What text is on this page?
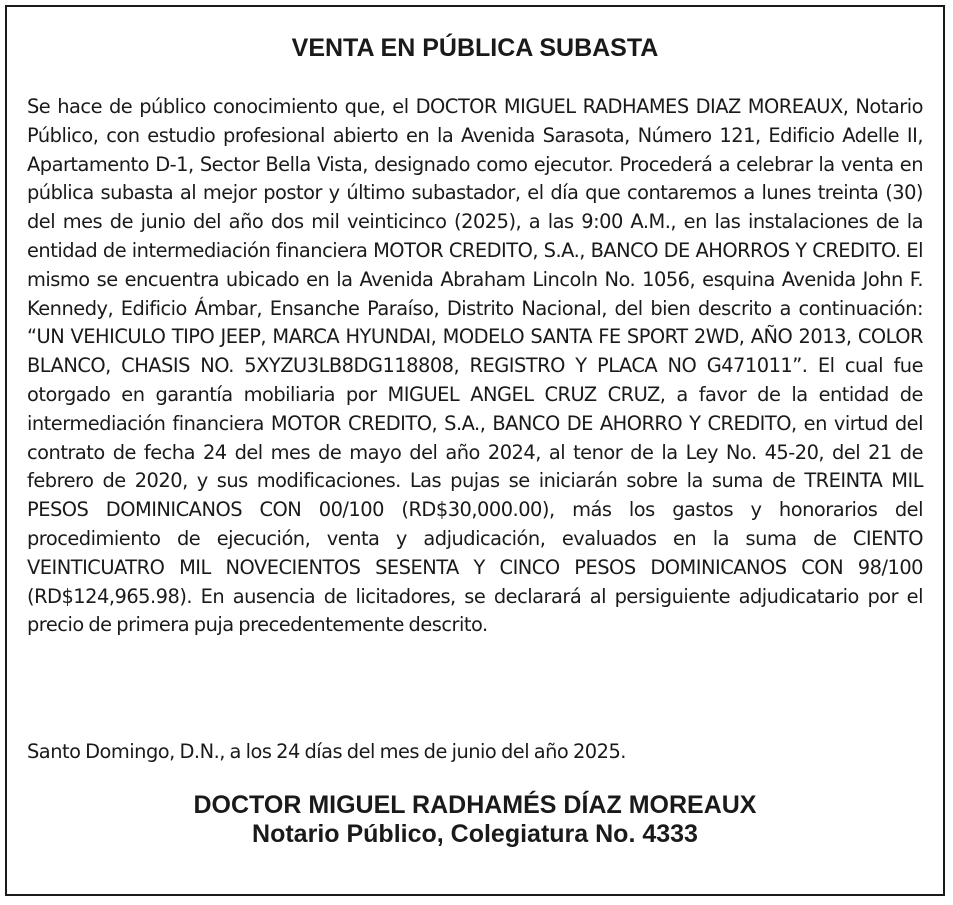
VENTA EN PÚBLICA SUBASTA

Se hace de público conocimiento que, el DOCTOR MIGUEL RADHAMES DIAZ MOREAUX, Notario Público, con estudio profesional abierto en la Avenida Sarasota, Número 121, Edificio Adelle II, Apartamento D-1, Sector Bella Vista, designado como ejecutor. Procederá a celebrar la venta en pública subasta al mejor postor y último subastador, el día que contaremos a lunes treinta (30) del mes de junio del año dos mil veinticinco (2025), a las 9:00 A.M., en las instalaciones de la entidad de intermediación financiera MOTOR CREDITO, S.A., BANCO DE AHORROS Y CREDITO. El mismo se encuentra ubicado en la Avenida Abraham Lincoln No. 1056, esquina Avenida John F. Kennedy, Edificio Ámbar, Ensanche Paraíso, Distrito Nacional, del bien descrito a continuación: “UN VEHICULO TIPO JEEP, MARCA HYUNDAI, MODELO SANTA FE SPORT 2WD, AÑO 2013, COLOR BLANCO, CHASIS NO. 5XYZU3LB8DG118808, REGISTRO Y PLACA NO G471011”. El cual fue otorgado en garantía mobiliaria por MIGUEL ANGEL CRUZ CRUZ, a favor de la entidad de intermediación financiera MOTOR CREDITO, S.A., BANCO DE AHORRO Y CREDITO, en virtud del contrato de fecha 24 del mes de mayo del año 2024, al tenor de la Ley No. 45-20, del 21 de febrero de 2020, y sus modificaciones. Las pujas se iniciarán sobre la suma de TREINTA MIL PESOS DOMINICANOS CON 00/100 (RD$30,000.00), más los gastos y honorarios del procedimiento de ejecución, venta y adjudicación, evaluados en la suma de CIENTO VEINTICUATRO MIL NOVECIENTOS SESENTA Y CINCO PESOS DOMINICANOS CON 98/100 (RD$124,965.98). En ausencia de licitadores, se declarará al persiguiente adjudicatario por el precio de primera puja precedentemente descrito.

Santo Domingo, D.N., a los 24 días del mes de junio del año 2025.

DOCTOR MIGUEL RADHAMÉS DÍAZ MOREAUX
Notario Público, Colegiatura No. 4333
